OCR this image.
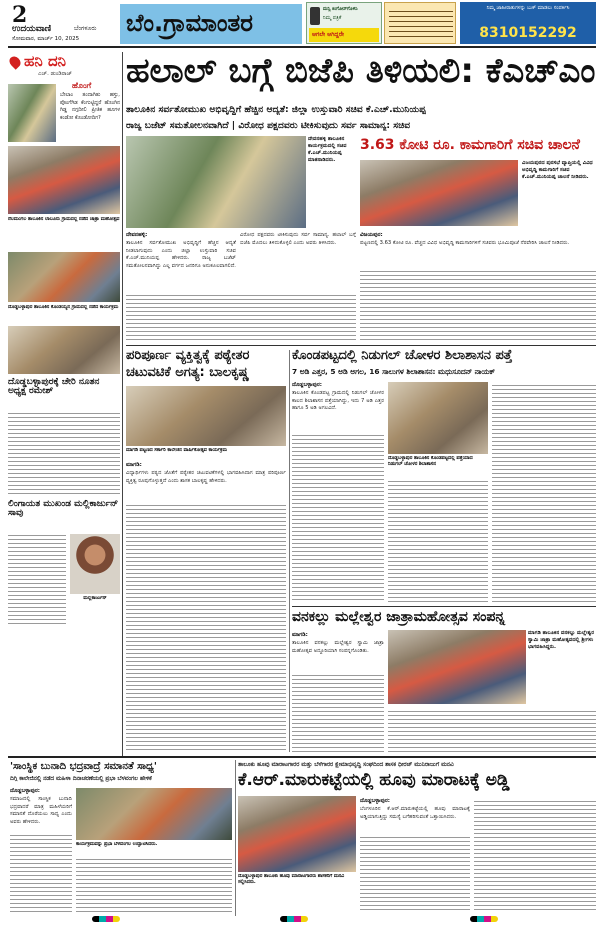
2
ಉದಯವಾಣಿ	ಬೆಂಗಳೂರು
ಸೋಮವಾರ, ಮಾರ್ಚ್ 10, 2025
ಬೆಂ.ಗ್ರಾಮಾಂತರ	ಮನ್ಸಿ ಕಿಂಗೋಸ್‌ಗೊಳಿಸಿ
ನಿಮ್ಮ ಪತ್ರಿಕೆ
ಆಗಲೇ ಆಗಿದ್ದರೇ
ನಿಮ್ಮ ಜಾಹೀರಾತುಗಳನ್ನು ಬುಕ್ ಮಾಡಲು ಸಂಪರ್ಕಿಸಿ
8310152292
ಹನಿ ದನಿ
ಎಚ್. ಡುಂಡಿರಾಜ್
ಹೊಂಗೆ
ಬೇಲಾಂ ತಂದಾಗಿತು ಹಸ್ತು, ಪೊಂಗೆಗಿಡ ಕೆಂಗುಟ್ಟಿದ್ದರೆ ಹೊಂಗಿನ ಗಿಡ್ಡ ನಗ್ಗದೀಲಿ ಪ್ರೀತಿಕ ಹೂಗಳ ಕಂಡೋ ಕೊಂಡೋದಿಗ?
ನೆಲಮಂಗಲ ತಾಲೂಕಿನ ಲಾಲೂರು ಗ್ರಾಮದಲ್ಲಿ ನಡೆದ ಜಾತ್ರಾ ಮಹೋತ್ಸವ
ದೊಡ್ಡಬಳ್ಳಾಪುರ ತಾಲೂಕಿನ ಕೊಂಡಯ್ಯನ ಗ್ರಾಮದಲ್ಲಿ ನಡೆದ ಕಾರ್ಯಕ್ರಮ
ದೊಡ್ಡಬಳ್ಳಾಪುರಕ್ಕೆ ಚೇರಿ ನೂತನ ಅಧ್ಯಕ್ಷ ರಮೇಶ್
ಲಿಂಗಾಯತ ಮುಖಂಡ ಮಲ್ಲಿಕಾರ್ಜುನ್ ಸಾವು
ಮಲ್ಲಿಕಾರ್ಜುನ್
ಹಲಾಲ್ ಬಗ್ಗೆ ಬಿಜೆಪಿ ತಿಳಿಯಲಿ: ಕೆಎಚ್‌ಎಂ
ತಾಲೂಕಿನ ಸರ್ವತೋಮುಖ ಅಭಿವೃದ್ಧಿಗೆ ಹೆಚ್ಚಿನ ಆದ್ಯತೆ: ಜಿಲ್ಲಾ ಉಸ್ತುವಾರಿ ಸಚಿವ ಕೆ.ಎಚ್.ಮುನಿಯಪ್ಪ
ರಾಜ್ಯ ಬಜೆಟ್ ಸಮತೋಲನವಾಗಿದೆ | ವಿರೋಧ ಪಕ್ಷದವರು ಟೀಕಿಸುವುದು ಸರ್ವ ಸಾಮಾನ್ಯ: ಸಚಿವ
ದೇವನಹಳ್ಳಿ ತಾಲೂಕಿನ ಕಾರ್ಯಕ್ರಮದಲ್ಲಿ ಸಚಿವ ಕೆ.ಎಚ್.ಮುನಿಯಪ್ಪ ಮಾತನಾಡಿದರು.
ದೇವನಹಳ್ಳಿ:
ತಾಲೂಕಿನ ಸರ್ವತೋಮುಖ ಅಭಿವೃದ್ಧಿಗೆ ಹೆಚ್ಚಿನ ಆದ್ಯತೆ ನೀಡಲಾಗುವುದು ಎಂದು ಜಿಲ್ಲಾ ಉಸ್ತುವಾರಿ ಸಚಿವ ಕೆ.ಎಚ್.ಮುನಿಯಪ್ಪ ಹೇಳಿದರು. ರಾಜ್ಯ ಬಜೆಟ್ ಸಮತೋಲನವಾಗಿದ್ದು ಎಲ್ಲ ವರ್ಗದ ಜನರಿಗೂ ಅನುಕೂಲವಾಗಲಿದೆ.
ವಿರೋಧ ಪಕ್ಷದವರು ಟೀಕಿಸುವುದು ಸರ್ವ ಸಾಮಾನ್ಯ. ಹಲಾಲ್ ಬಗ್ಗೆ ಬಿಜೆಪಿ ಮೊದಲು ತಿಳಿದುಕೊಳ್ಳಲಿ ಎಂದು ಅವರು ತಿಳಿಸಿದರು.
3.63 ಕೋಟಿ ರೂ. ಕಾಮಗಾರಿಗೆ ಸಚಿವ ಚಾಲನೆ
ವಿಜಯಪುರದ ಪುರಸಭೆ ವ್ಯಾಪ್ತಿಯಲ್ಲಿ ವಿವಿಧ ಅಭಿವೃದ್ಧಿ ಕಾಮಗಾರಿಗೆ ಸಚಿವ ಕೆ.ಎಚ್.ಮುನಿಯಪ್ಪ ಚಾಲನೆ ನೀಡಿದರು.
ವಿಜಯಪುರ:
ಪಟ್ಟಣದಲ್ಲಿ 3.63 ಕೋಟಿ ರೂ. ವೆಚ್ಚದ ವಿವಿಧ ಅಭಿವೃದ್ಧಿ ಕಾಮಗಾರಿಗಳಿಗೆ ಸಚಿವರು ಭೂಮಿಪೂಜೆ ನೆರವೇರಿಸಿ ಚಾಲನೆ ನೀಡಿದರು.
ಪರಿಪೂರ್ಣ ವ್ಯಕ್ತಿತ್ವಕ್ಕೆ ಪಠ್ಯೇತರ
ಚಟುವಟಿಕೆ ಅಗತ್ಯ: ಬಾಲಕೃಷ್ಣ
ಮಾಗಡಿ ಪಟ್ಟಣದ ಸರ್ಕಾರಿ ಕಾಲೇಜಿನ ವಾರ್ಷಿಕೋತ್ಸವ ಕಾರ್ಯಕ್ರಮ
ಮಾಗಡಿ:
ವಿದ್ಯಾರ್ಥಿಗಳು ಪಠ್ಯದ ಜೊತೆಗೆ ಪಠ್ಯೇತರ ಚಟುವಟಿಕೆಗಳಲ್ಲಿ ಭಾಗವಹಿಸಿದಾಗ ಮಾತ್ರ ಪರಿಪೂರ್ಣ ವ್ಯಕ್ತಿತ್ವ ರೂಪುಗೊಳ್ಳುತ್ತದೆ ಎಂದು ಶಾಸಕ ಬಾಲಕೃಷ್ಣ ಹೇಳಿದರು.
ಕೊಂಡಪಟ್ಟದಲ್ಲಿ ನಿಡುಗಲ್ ಚೋಳರ ಶಿಲಾಶಾಸನ ಪತ್ತೆ
7 ಅಡಿ ಎತ್ತರ, 5 ಅಡಿ ಅಗಲ, 16 ಸಾಲುಗಳ ಶಿಲಾಶಾಸನ: ಮಧುಸೂದನ್‌ ನಾಯಕ್
ದೊಡ್ಡಬಳ್ಳಾಪುರ:
ತಾಲೂಕಿನ ಕೊಂಡಪಟ್ಟ ಗ್ರಾಮದಲ್ಲಿ ನಿಡುಗಲ್ ಚೋಳರ ಕಾಲದ ಶಿಲಾಶಾಸನ ಪತ್ತೆಯಾಗಿದ್ದು, ಇದು 7 ಅಡಿ ಎತ್ತರ ಹಾಗೂ 5 ಅಡಿ ಅಗಲವಿದೆ.
ದೊಡ್ಡಬಳ್ಳಾಪುರ ತಾಲೂಕಿನ ಕೊಂಡಪಟ್ಟದಲ್ಲಿ ಪತ್ತೆಯಾದ ನಿಡುಗಲ್ ಚೋಳರ ಶಿಲಾಶಾಸನ
ವನಕಲ್ಲು ಮಲ್ಲೇಶ್ವರ ಜಾತ್ರಾಮಹೋತ್ಸವ ಸಂಪನ್ನ
ಮಾಗಡಿ:
ತಾಲೂಕಿನ ವನಕಲ್ಲು ಮಲ್ಲೇಶ್ವರ ಸ್ವಾಮಿ ಜಾತ್ರಾ ಮಹೋತ್ಸವ ಅದ್ದೂರಿಯಾಗಿ ಸಂಪನ್ನಗೊಂಡಿತು.
ಮಾಗಡಿ ತಾಲೂಕಿನ ವನಕಲ್ಲು ಮಲ್ಲೇಶ್ವರ ಸ್ವಾಮಿ ಜಾತ್ರಾ ಮಹೋತ್ಸವದಲ್ಲಿ ಶ್ರೀಗಳು ಭಾಗವಹಿಸಿದ್ದರು.
'ಸಾಂಸ್ಥಿಕ ಬುನಾದಿ ಭದ್ರವಾದ್ರೆ ಸಮಾನತೆ ಸಾಧ್ಯ'
ದಿಗ್ಗಿ ಕಾಲೇಜಿನಲ್ಲಿ ನಡೆದ ಮಹಿಳಾ ದಿನಾಚರಣೆಯಲ್ಲಿ ಪ್ರಭಾ ಬೆಳವಂಗಲ ಹೇಳಿಕೆ
ದೊಡ್ಡಬಳ್ಳಾಪುರ:
ಸಮಾಜದಲ್ಲಿ ಸಾಂಸ್ಥಿಕ ಬುನಾದಿ ಭದ್ರವಾದರೆ ಮಾತ್ರ ಮಹಿಳೆಯರಿಗೆ ಸಮಾನತೆ ದೊರೆಯಲು ಸಾಧ್ಯ ಎಂದು ಅವರು ಹೇಳಿದರು.
ಕಾರ್ಯಕ್ರಮವನ್ನು ಪ್ರಭಾ ಬೆಳವಂಗಲ ಉದ್ಘಾಟಿಸಿದರು.
ತಾಲೂಕು ಹೂವು ಮಾರಾಟಗಾರರ ಮತ್ತು ಬೆಳೆಗಾರರ ಕ್ಷೇಮಾಭಿವೃದ್ಧಿ ಸಂಘದಿಂದ ಶಾಸಕ ಧೀರಜ್ ಮುನಿರಾಜುಗೆ ಮನವಿ
ಕೆ.ಆರ್.ಮಾರುಕಟ್ಟೆಯಲ್ಲಿ ಹೂವು ಮಾರಾಟಕ್ಕೆ ಅಡ್ಡಿ
ದೊಡ್ಡಬಳ್ಳಾಪುರ ತಾಲೂಕು ಹೂವು ಮಾರಾಟಗಾರರು ಶಾಸಕರಿಗೆ ಮನವಿ ಸಲ್ಲಿಸಿದರು.
ದೊಡ್ಡಬಳ್ಳಾಪುರ:
ಬೆಂಗಳೂರಿನ ಕೆ.ಆರ್.ಮಾರುಕಟ್ಟೆಯಲ್ಲಿ ಹೂವು ಮಾರಾಟಕ್ಕೆ ಅಡ್ಡಿಯಾಗುತ್ತಿದ್ದು ಸಮಸ್ಯೆ ಬಗೆಹರಿಸುವಂತೆ ಒತ್ತಾಯಿಸಿದರು.
